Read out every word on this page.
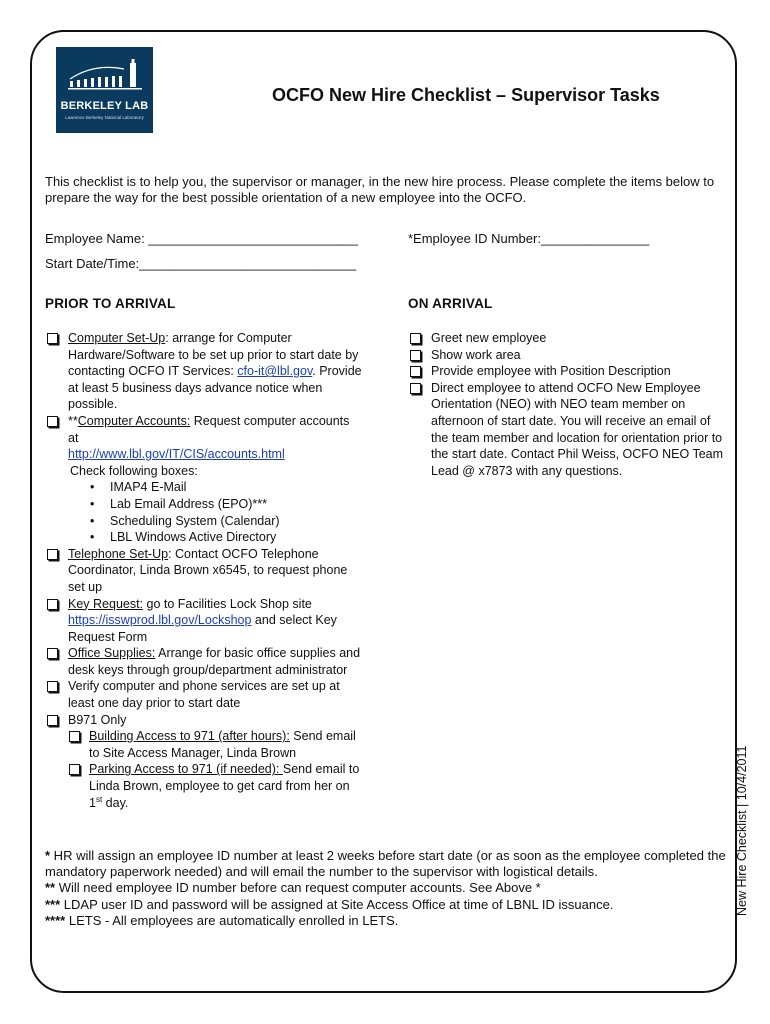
BERKELEY LAB
Lawrence Berkeley National Laboratory
OCFO New Hire Checklist – Supervisor Tasks
This checklist is to help you, the supervisor or manager, in the new hire process. Please complete the items below to prepare the way for the best possible orientation of a new employee into the OCFO.
Employee Name: _____________________________	*Employee ID Number:_______________
Start Date/Time:______________________________
PRIOR TO ARRIVAL	ON ARRIVAL
Computer Set-Up: arrange for Computer Hardware/Software to be set up prior to start date by contacting OCFO IT Services: cfo-it@lbl.gov. Provide at least 5 business days advance notice when possible.
**Computer Accounts: Request computer accounts at
http://www.lbl.gov/IT/CIS/accounts.html
Check following boxes:
• IMAP4 E-Mail
• Lab Email Address (EPO)***
• Scheduling System (Calendar)
• LBL Windows Active Directory
Telephone Set-Up: Contact OCFO Telephone Coordinator, Linda Brown x6545, to request phone set up
Key Request: go to Facilities Lock Shop site
https://isswprod.lbl.gov/Lockshop and select Key Request Form
Office Supplies: Arrange for basic office supplies and desk keys through group/department administrator
Verify computer and phone services are set up at least one day prior to start date
B971 Only
Building Access to 971 (after hours): Send email to Site Access Manager, Linda Brown
Parking Access to 971 (if needed): Send email to Linda Brown, employee to get card from her on 1st day.
Greet new employee
Show work area
Provide employee with Position Description
Direct employee to attend OCFO New Employee Orientation (NEO) with NEO team member on afternoon of start date. You will receive an email of the team member and location for orientation prior to the start date. Contact Phil Weiss, OCFO NEO Team Lead @ x7873 with any questions.
* HR will assign an employee ID number at least 2 weeks before start date (or as soon as the employee completed the mandatory paperwork needed) and will email the number to the supervisor with logistical details.
** Will need employee ID number before can request computer accounts. See Above *
*** LDAP user ID and password will be assigned at Site Access Office at time of LBNL ID issuance.
**** LETS - All employees are automatically enrolled in LETS.
New Hire Checklist | 10/4/2011
